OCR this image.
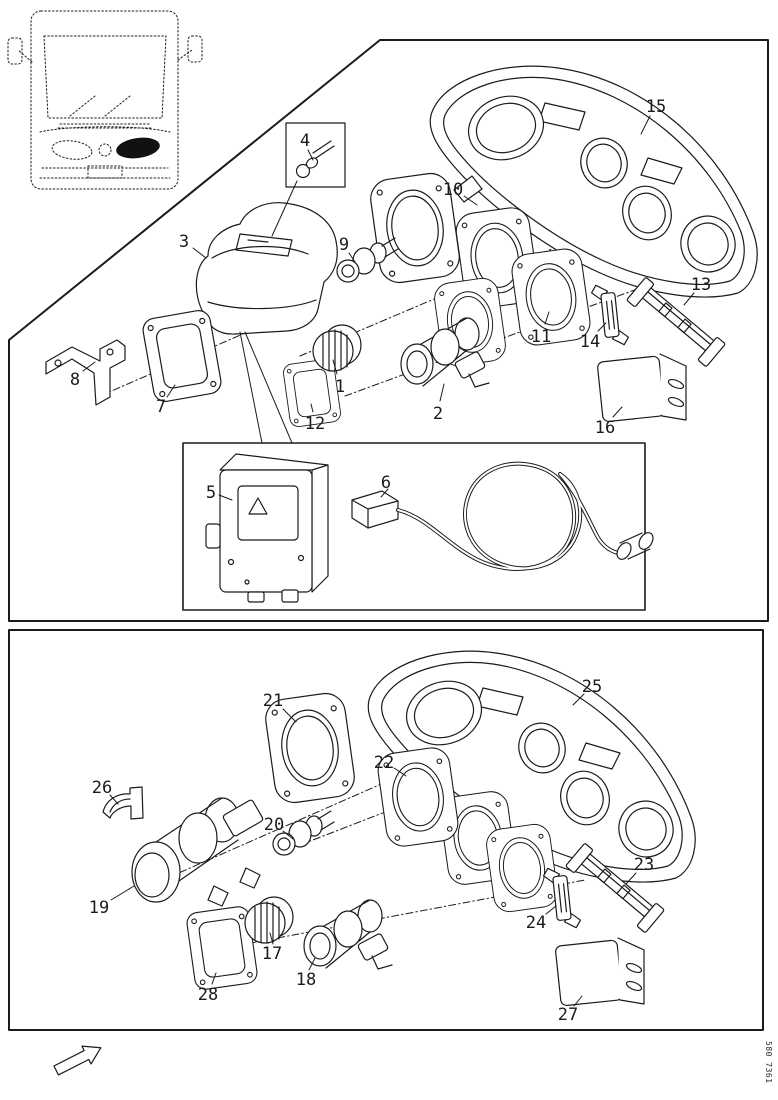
1
2
3
4
5	6
7
8
9
10
11
12
13
14
15
16
17
18
19
20
21
22
23
24
25
26
27
28
580 7361
